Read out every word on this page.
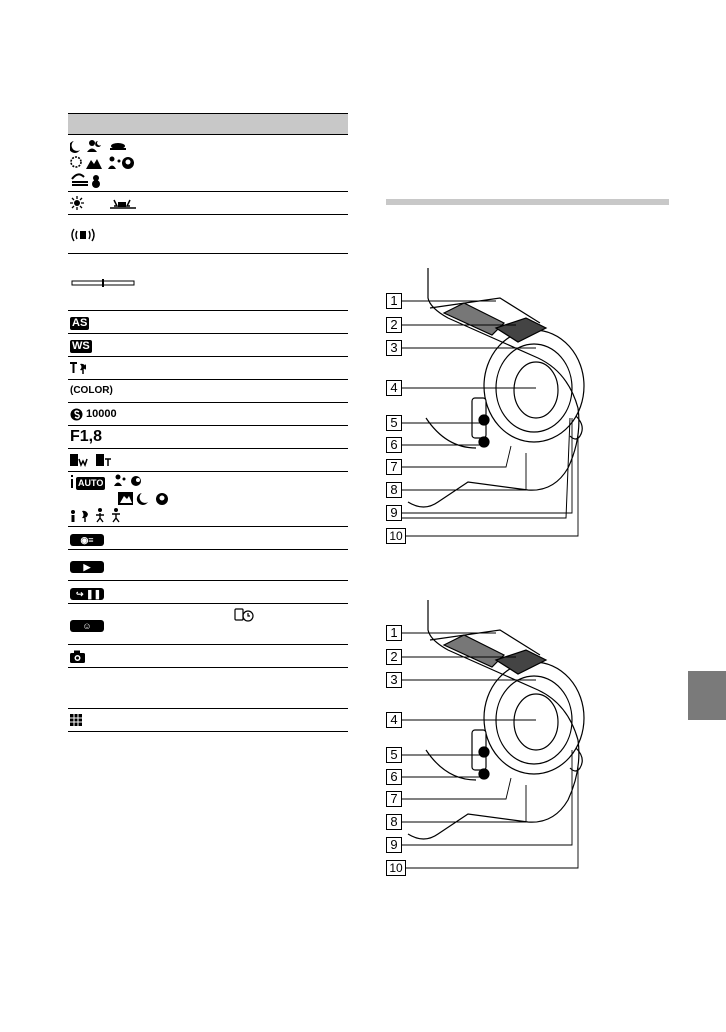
AS
WS
(COLOR)
10000
F1,8
AUTO
◉≡
▶
↪ ❚❚
☺
1
2
3
4
5
6
7
8
9
10
1
2
3
4
5
6
7
8
9
10
